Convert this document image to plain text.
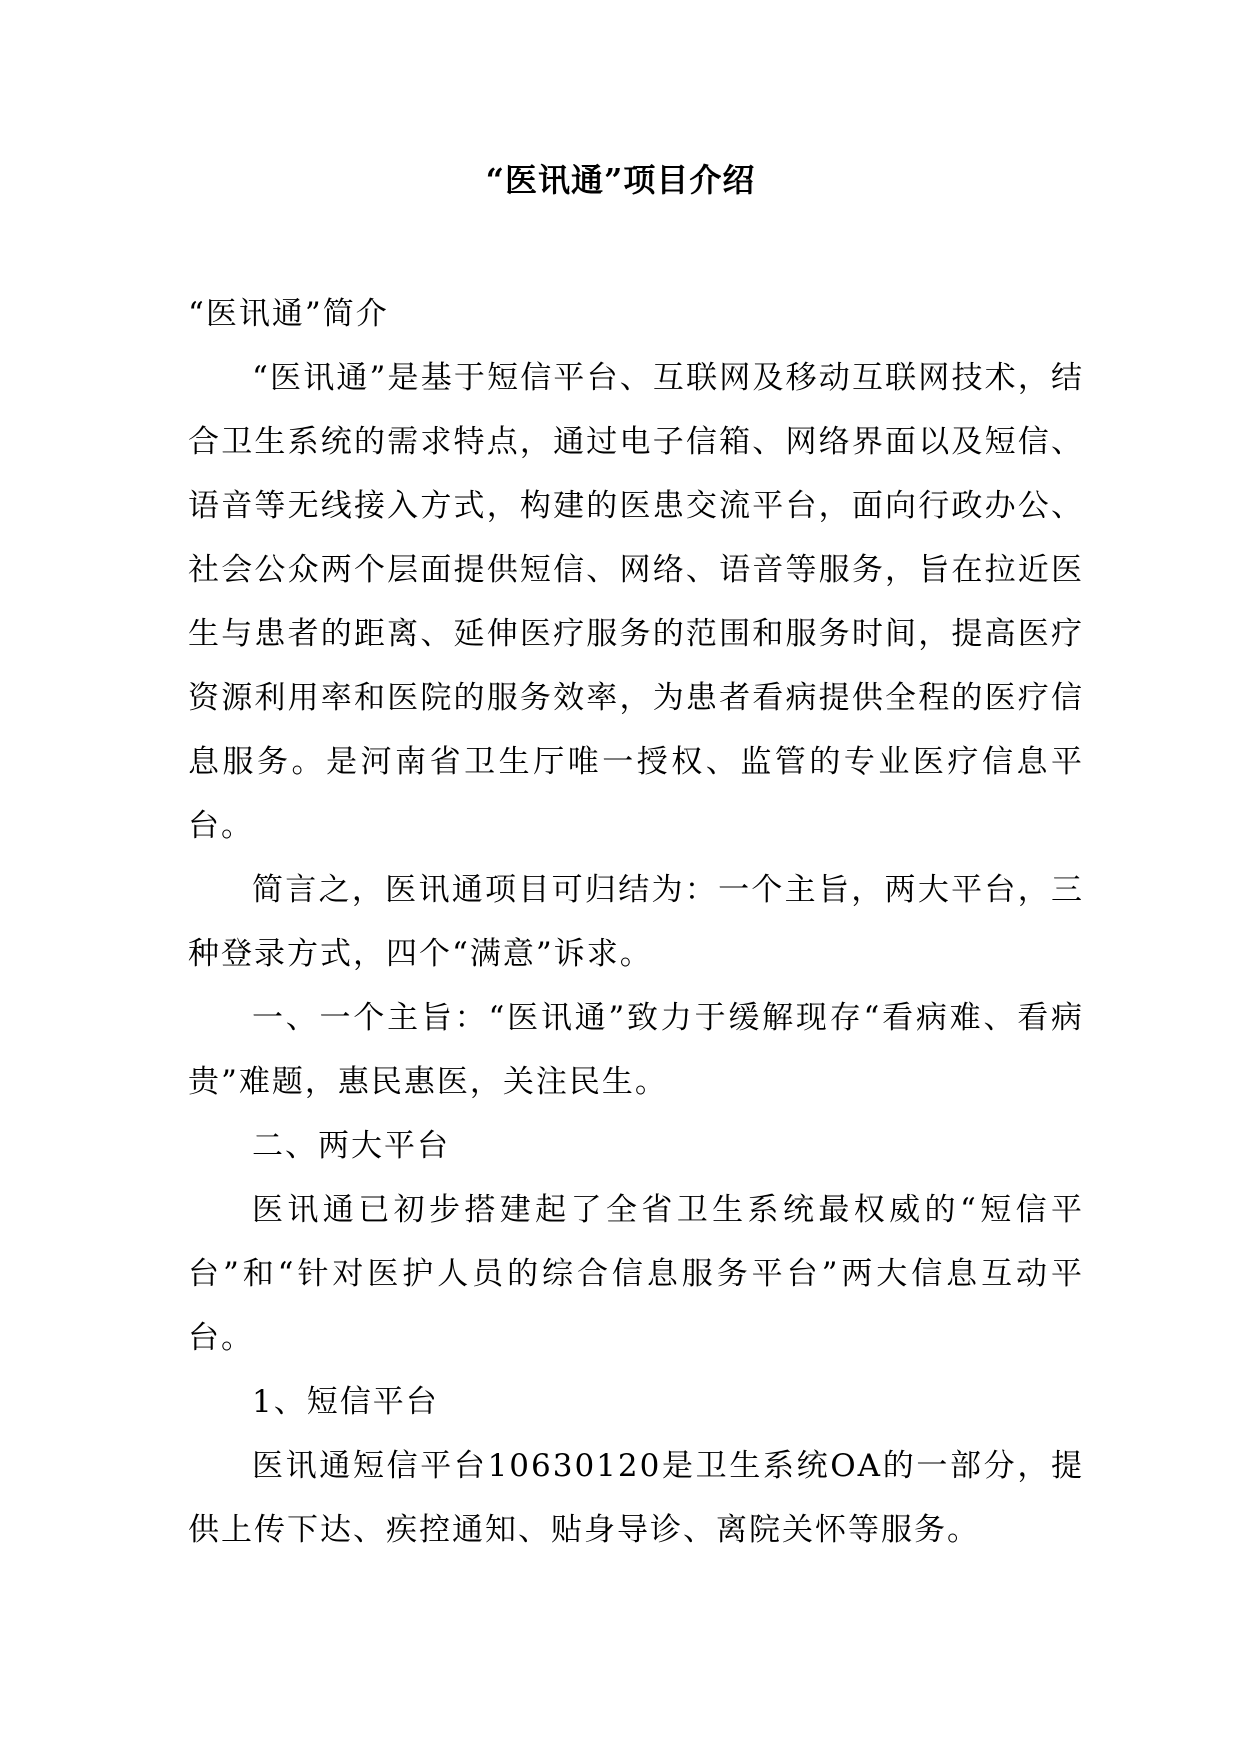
“医讯通”项目介绍

“医讯通”简介

“医讯通”是基于短信平台、互联网及移动互联网技术，结合卫生系统的需求特点，通过电子信箱、网络界面以及短信、语音等无线接入方式，构建的医患交流平台，面向行政办公、社会公众两个层面提供短信、网络、语音等服务，旨在拉近医生与患者的距离、延伸医疗服务的范围和服务时间，提高医疗资源利用率和医院的服务效率，为患者看病提供全程的医疗信息服务。是河南省卫生厅唯一授权、监管的专业医疗信息平台。

简言之，医讯通项目可归结为：一个主旨，两大平台，三种登录方式，四个“满意”诉求。

一、一个主旨：“医讯通”致力于缓解现存“看病难、看病贵”难题，惠民惠医，关注民生。

二、两大平台

医讯通已初步搭建起了全省卫生系统最权威的“短信平台”和“针对医护人员的综合信息服务平台”两大信息互动平台。

1、短信平台

医讯通短信平台10630120是卫生系统OA的一部分，提供上传下达、疾控通知、贴身导诊、离院关怀等服务。
